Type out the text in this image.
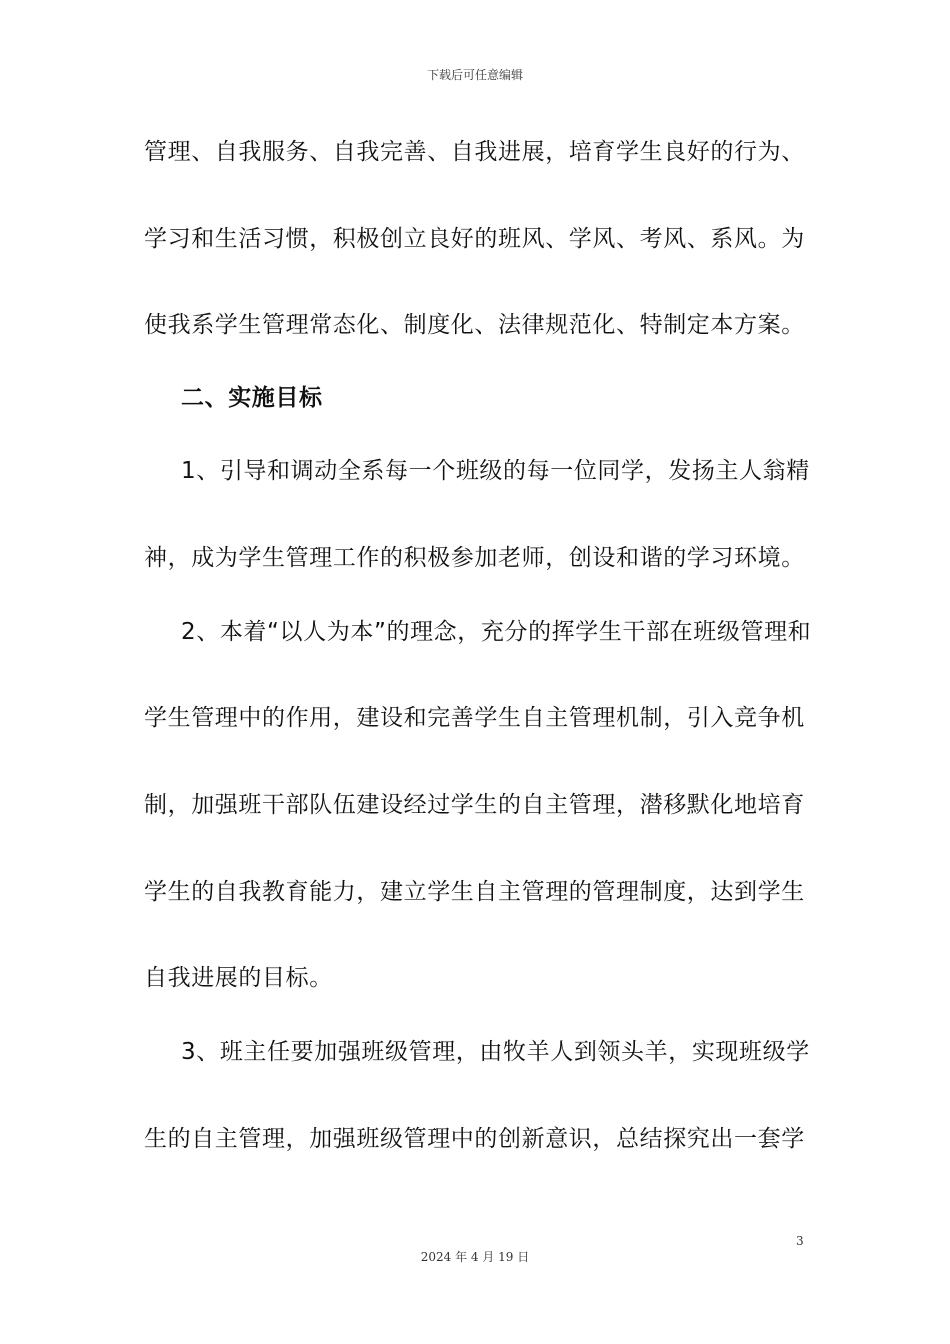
下载后可任意编辑
管理、自我服务、自我完善、自我进展，培育学生良好的行为、
学习和生活习惯，积极创立良好的班风、学风、考风、系风。为
使我系学生管理常态化、制度化、法律规范化、特制定本方案。
二、实施目标
1、引导和调动全系每一个班级的每一位同学，发扬主人翁精
神，成为学生管理工作的积极参加老师，创设和谐的学习环境。
2、本着“以人为本”的理念，充分的挥学生干部在班级管理和
学生管理中的作用，建设和完善学生自主管理机制，引入竞争机
制，加强班干部队伍建设经过学生的自主管理，潜移默化地培育
学生的自我教育能力，建立学生自主管理的管理制度，达到学生
自我进展的目标。
3、班主任要加强班级管理，由牧羊人到领头羊，实现班级学
生的自主管理，加强班级管理中的创新意识，总结探究出一套学
3
2024 年 4 月 19 日
